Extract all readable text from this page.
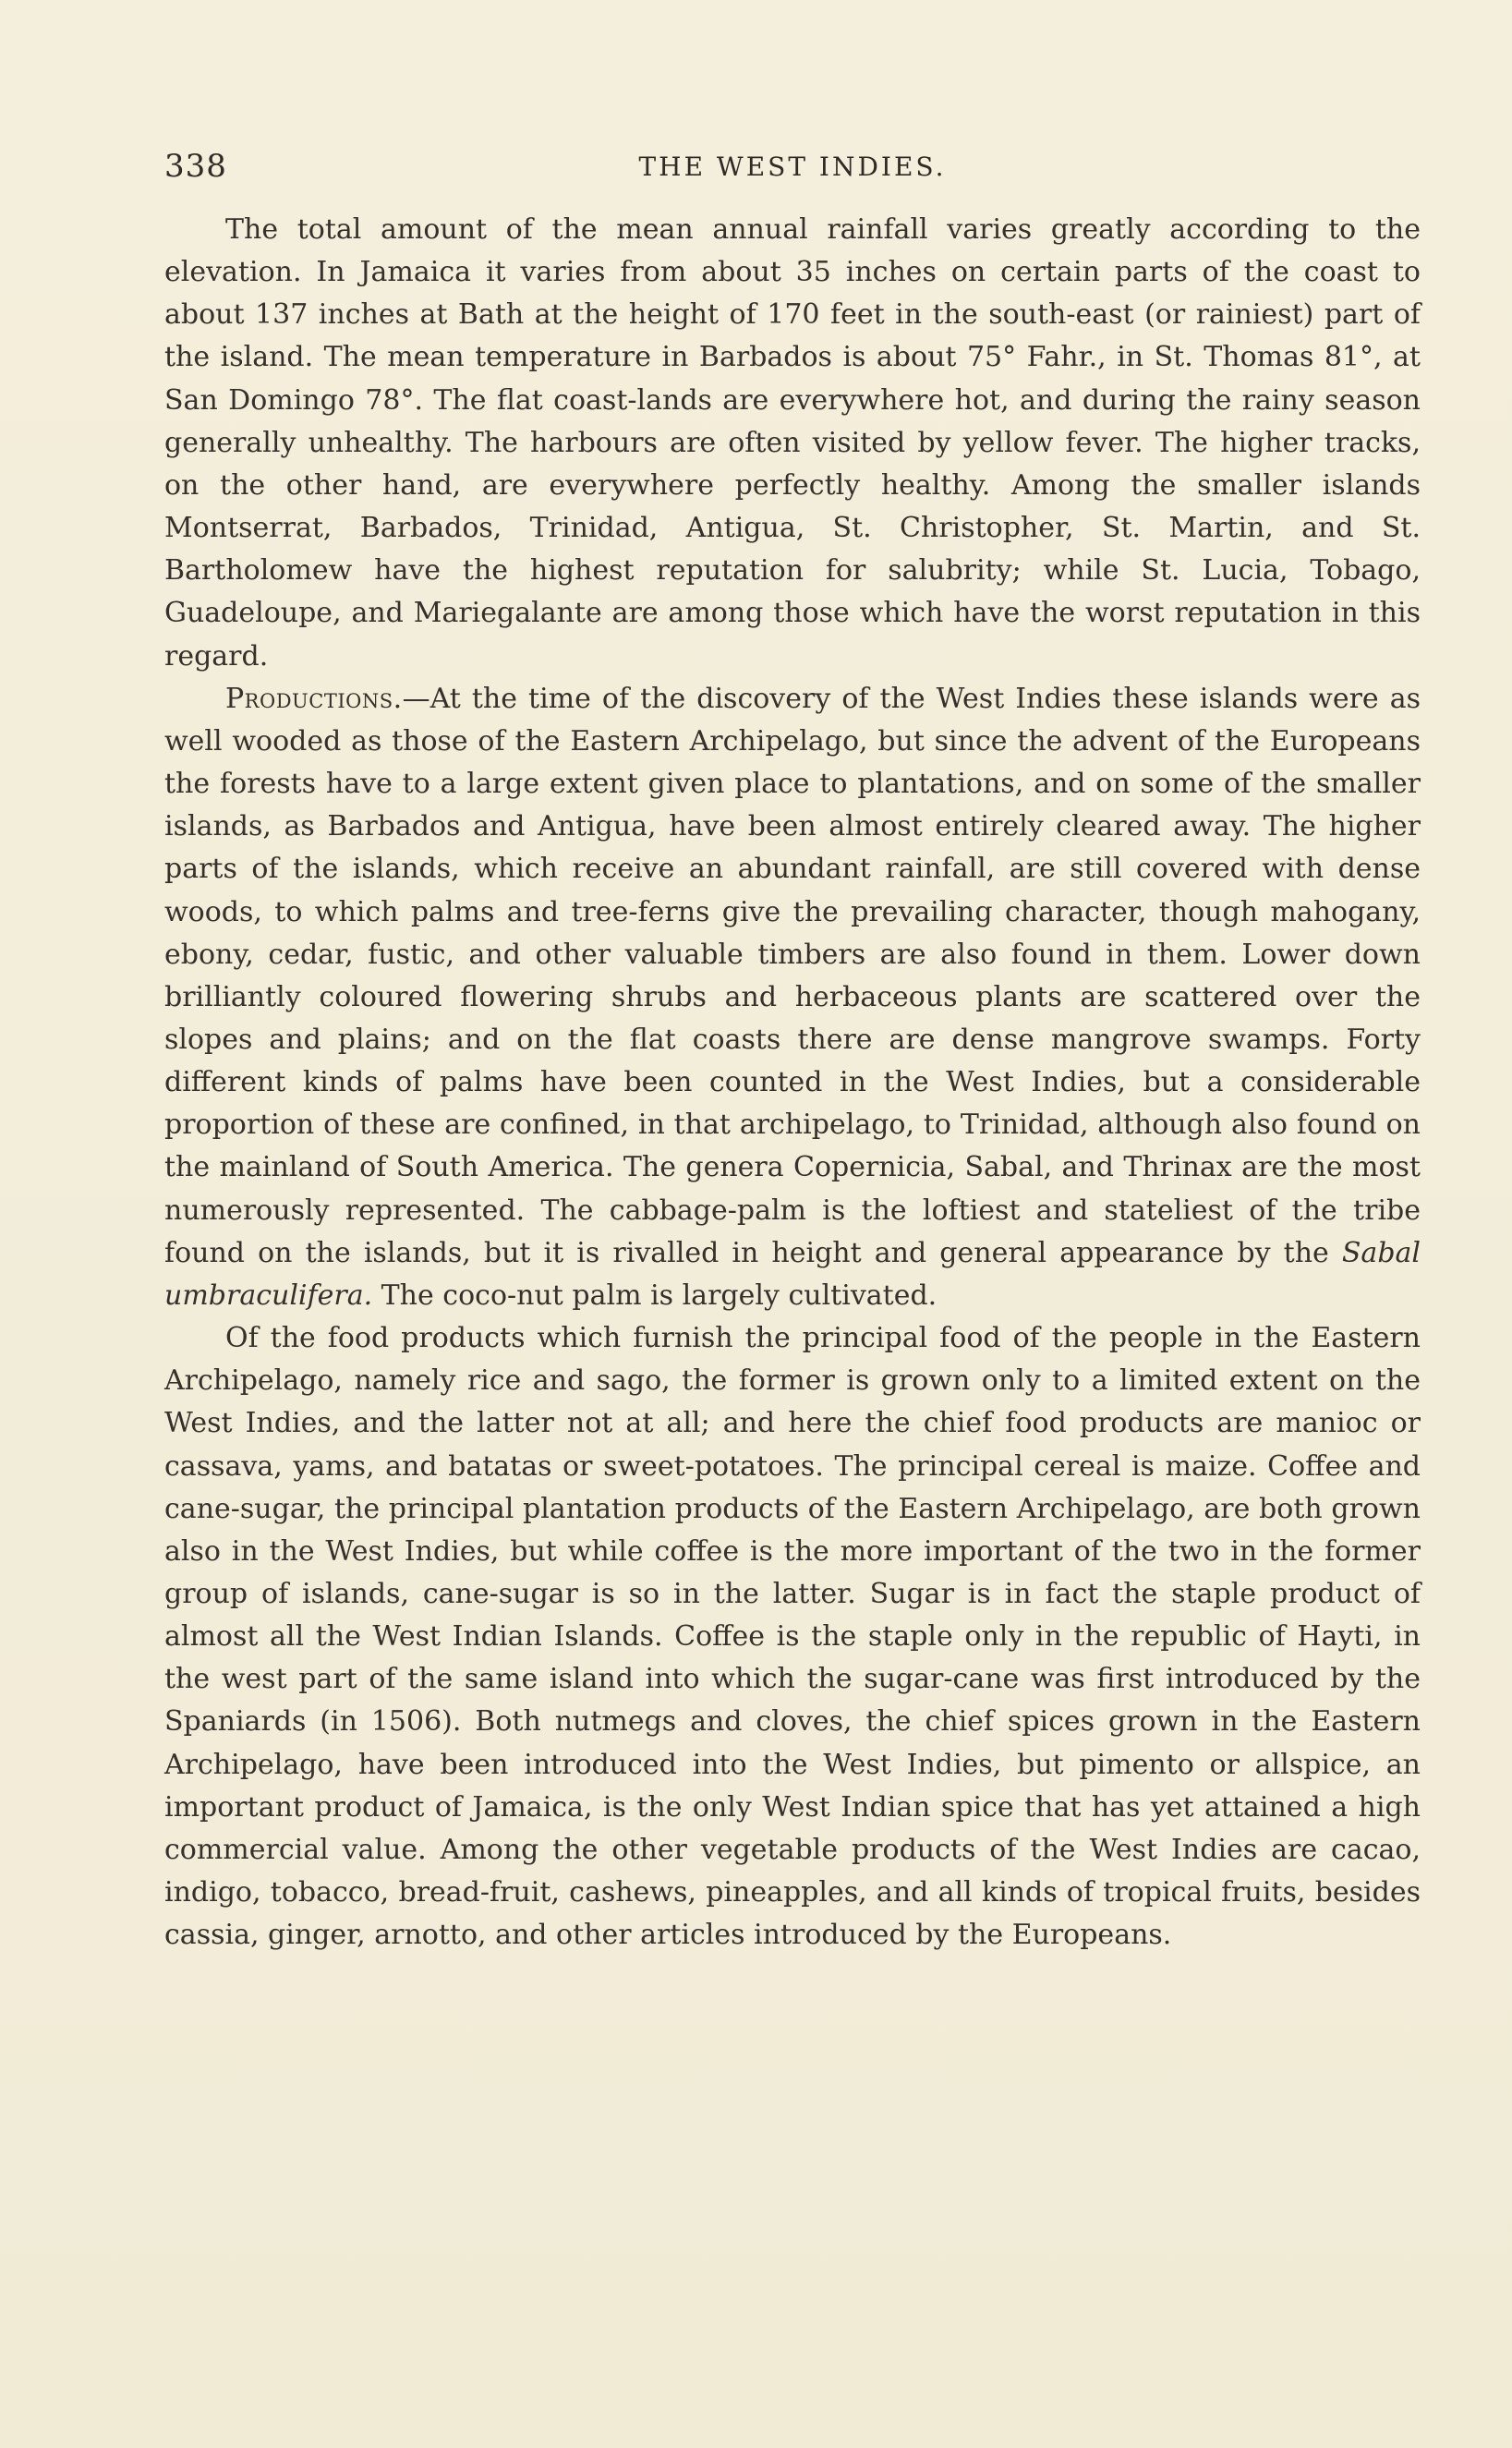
338	THE WEST INDIES.

The total amount of the mean annual rainfall varies greatly according to the elevation. In Jamaica it varies from about 35 inches on certain parts of the coast to about 137 inches at Bath at the height of 170 feet in the south-east (or rainiest) part of the island. The mean temperature in Barbados is about 75° Fahr., in St. Thomas 81°, at San Domingo 78°. The flat coast-lands are everywhere hot, and during the rainy season generally unhealthy. The harbours are often visited by yellow fever. The higher tracks, on the other hand, are everywhere perfectly healthy. Among the smaller islands Montserrat, Barbados, Trinidad, Antigua, St. Christopher, St. Martin, and St. Bartholomew have the highest reputation for salubrity; while St. Lucia, Tobago, Guadeloupe, and Mariegalante are among those which have the worst reputation in this regard.

Productions.—At the time of the discovery of the West Indies these islands were as well wooded as those of the Eastern Archipelago, but since the advent of the Europeans the forests have to a large extent given place to plantations, and on some of the smaller islands, as Barbados and Antigua, have been almost entirely cleared away. The higher parts of the islands, which receive an abundant rainfall, are still covered with dense woods, to which palms and tree-ferns give the prevailing character, though mahogany, ebony, cedar, fustic, and other valuable timbers are also found in them. Lower down brilliantly coloured flowering shrubs and herbaceous plants are scattered over the slopes and plains; and on the flat coasts there are dense mangrove swamps. Forty different kinds of palms have been counted in the West Indies, but a considerable proportion of these are confined, in that archipelago, to Trinidad, although also found on the mainland of South America. The genera Copernicia, Sabal, and Thrinax are the most numerously represented. The cabbage-palm is the loftiest and stateliest of the tribe found on the islands, but it is rivalled in height and general appearance by the Sabal umbraculifera. The coco-nut palm is largely cultivated.

Of the food products which furnish the principal food of the people in the Eastern Archipelago, namely rice and sago, the former is grown only to a limited extent on the West Indies, and the latter not at all; and here the chief food products are manioc or cassava, yams, and batatas or sweet-potatoes. The principal cereal is maize. Coffee and cane-sugar, the principal plantation products of the Eastern Archipelago, are both grown also in the West Indies, but while coffee is the more important of the two in the former group of islands, cane-sugar is so in the latter. Sugar is in fact the staple product of almost all the West Indian Islands. Coffee is the staple only in the republic of Hayti, in the west part of the same island into which the sugar-cane was first introduced by the Spaniards (in 1506). Both nutmegs and cloves, the chief spices grown in the Eastern Archipelago, have been introduced into the West Indies, but pimento or allspice, an important product of Jamaica, is the only West Indian spice that has yet attained a high commercial value. Among the other vegetable products of the West Indies are cacao, indigo, tobacco, bread-fruit, cashews, pineapples, and all kinds of tropical fruits, besides cassia, ginger, arnotto, and other articles introduced by the Europeans.
